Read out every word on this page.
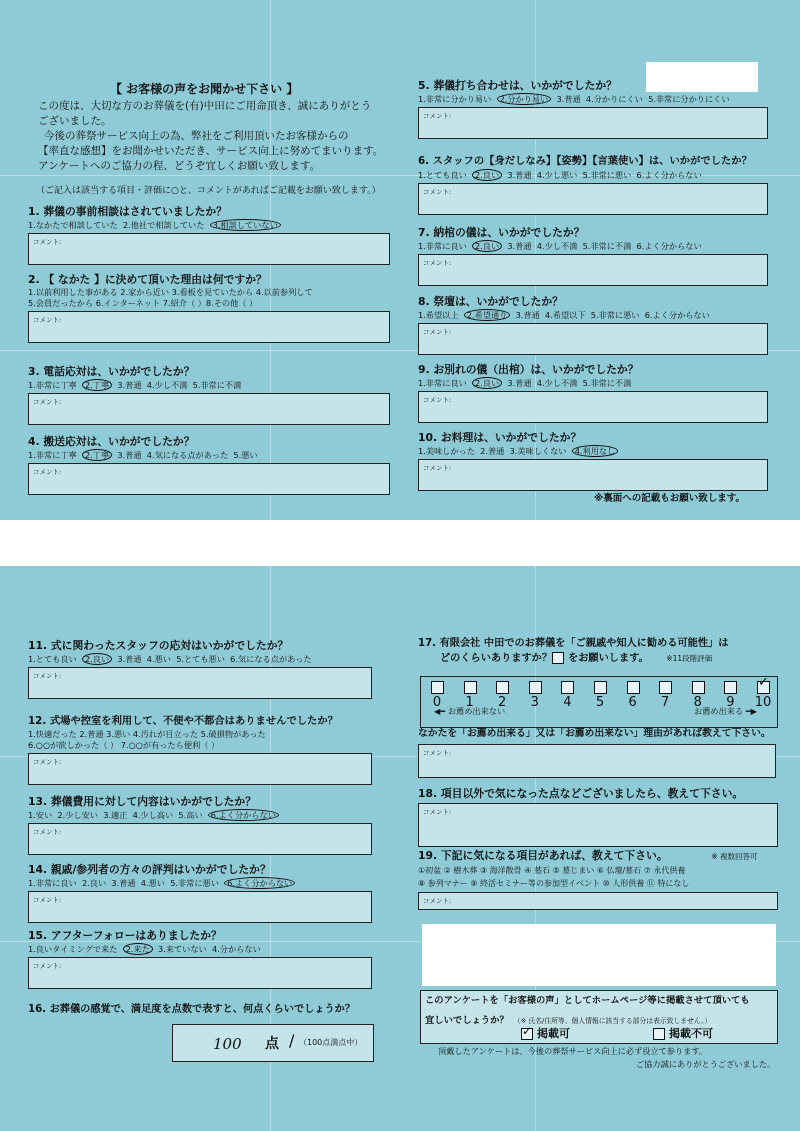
【 お客様の声をお聞かせ下さい 】

この度は、大切な方のお葬儀を(有)中田にご用命頂き、誠にありがとう

ございました。

今後の葬祭サービス向上の為、弊社をご利用頂いたお客様からの

【率直な感想】をお聞かせいただき、サービス向上に努めてまいります。

アンケートへのご協力の程、どうぞ宜しくお願い致します。

（ご記入は該当する項目・評価に○と、コメントがあればご記載をお願い致します。）
1. 葬儀の事前相談はされていましたか？
1.なかたで相談していた 2.他社で相談していた 3.相談していない
コメント:
2. 【 なかた 】に決めて頂いた理由は何ですか？
1.以前利用した事がある 2.家から近い 3.看板を見ていたから 4.以前参列して
5.会員だったから 6.インターネット 7.紹介（ ）8.その他（ ）
コメント:
3. 電話応対は、いかがでしたか？
1.非常に丁寧 2.丁寧 3.普通 4.少し不満 5.非常に不満
コメント:
4. 搬送応対は、いかがでしたか？
1.非常に丁寧 2.丁寧 3.普通 4.気になる点があった 5.悪い
コメント:
5. 葬儀打ち合わせは、いかがでしたか？
1.非常に分かり易い 2.分かり易い 3.普通 4.分かりにくい 5.非常に分かりにくい
コメント:
6. スタッフの【身だしなみ】【姿勢】【言葉使い】は、いかがでしたか？
1.とても良い 2.良い 3.普通 4.少し悪い 5.非常に悪い 6.よく分からない
コメント:
7. 納棺の儀は、いかがでしたか？
1.非常に良い 2.良い 3.普通 4.少し不満 5.非常に不満 6.よく分からない
コメント:
8. 祭壇は、いかがでしたか？
1.希望以上 2.希望通り 3.普通 4.希望以下 5.非常に悪い 6.よく分からない
コメント:
9. お別れの儀（出棺）は、いかがでしたか？
1.非常に良い 2.良い 3.普通 4.少し不満 5.非常に不満
コメント:
10. お料理は、いかがでしたか？
1.美味しかった 2.普通 3.美味しくない 4.利用なし
コメント:
※裏面への記載もお願い致します。
11. 式に関わったスタッフの応対はいかがでしたか？
1.とても良い 2.良い 3.普通 4.悪い 5.とても悪い 6.気になる点があった
コメント:
12. 式場や控室を利用して、不便や不都合はありませんでしたか？
1.快適だった 2.普通 3.悪い 4.汚れが目立った 5.破損物があった
6.○○が欲しかった（ ） 7.○○が有ったら便利（ ）
コメント:
13. 葬儀費用に対して内容はいかがでしたか？
1.安い 2.少し安い 3.適正 4.少し高い 5.高い 6.よく分からない
コメント:
14. 親戚/参列者の方々の評判はいかがでしたか？
1.非常に良い 2.良い 3.普通 4.悪い 5.非常に悪い 6.よく分からない
コメント:
15. アフターフォローはありましたか？
1.良いタイミングで来た 2.来た 3.来ていない 4.分からない
コメント:
16. お葬儀の感覚で、満足度を点数で表すと、何点くらいでしょうか？
100 点 / （100点満点中）
17. 有限会社 中田でのお葬儀を「ご親戚や知人に勧める可能性」は
どのくらいありますか？ をお願いします。 ※11段階評価
0	1	2	3	4	5	6	7	8	9
✓
10
◀━ お薦め出来ない	お薦め出来る ━▶
なかたを「お薦め出来る」又は「お薦め出来ない」理由があれば教えて下さい。
コメント:
18. 項目以外で気になった点などございましたら、教えて下さい。
コメント:
19. 下記に気になる項目があれば、教えて下さい。	※ 複数回答可
①初盆 ② 樹木葬 ③ 海洋散骨 ④ 墓石 ⑤ 墓じまい ⑥ 仏壇/墓石 ⑦ 永代供養
⑧ 参列マナー ⑨ 終活セミナー等の参加型イベント ⑩ 人形供養 ⑪ 特になし
コメント:
このアンケートを「お客様の声」としてホームページ等に掲載させて頂いても
宜しいでしょうか？ （※ 氏名/住所等、個人情報に該当する部分は表示致しません。）
✓ 掲載可	掲載不可
頂戴したアンケートは、今後の葬祭サービス向上に必ず役立て参ります。
ご協力誠にありがとうございました。
